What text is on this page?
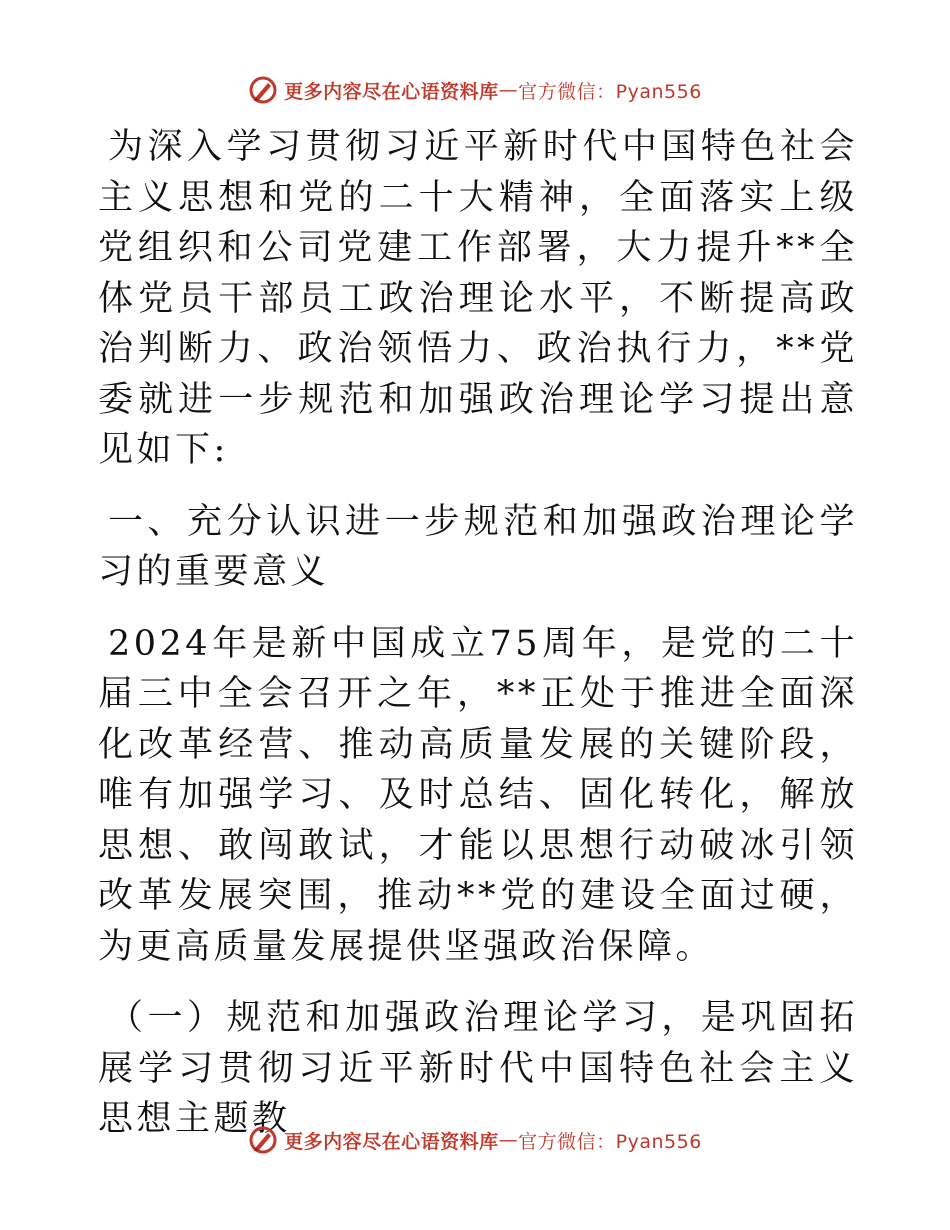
更多内容尽在心语资料库 — 官方微信：Pyan556

为深入学习贯彻习近平新时代中国特色社会主义思想和党的二十大精神，全面落实上级党组织和公司党建工作部署，大力提升**全体党员干部员工政治理论水平，不断提高政治判断力、政治领悟力、政治执行力，**党委就进一步规范和加强政治理论学习提出意见如下:

一、充分认识进一步规范和加强政治理论学习的重要意义

2024年是新中国成立75周年，是党的二十届三中全会召开之年，**正处于推进全面深化改革经营、推动高质量发展的关键阶段，唯有加强学习、及时总结、固化转化，解放思想、敢闯敢试，才能以思想行动破冰引领改革发展突围，推动**党的建设全面过硬，为更高质量发展提供坚强政治保障。

（一）规范和加强政治理论学习，是巩固拓展学习贯彻习近平新时代中国特色社会主义思想主题教

更多内容尽在心语资料库 — 官方微信：Pyan556
